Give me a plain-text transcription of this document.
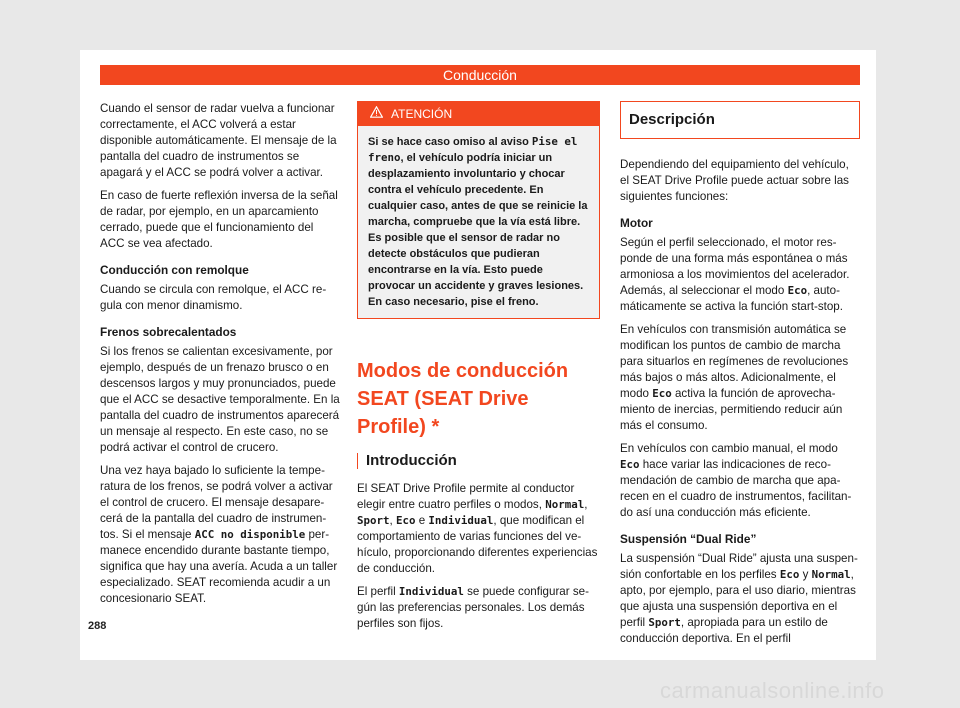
Conducción

Cuando el sensor de radar vuelva a funcionar correctamente, el ACC volverá a estar disponible automáticamente. El mensaje de la pantalla del cuadro de instrumentos se apagará y el ACC se podrá volver a activar.

En caso de fuerte reflexión inversa de la señal de radar, por ejemplo, en un aparcamiento cerrado, puede que el funcionamiento del ACC se vea afectado.

Conducción con remolque

Cuando se circula con remolque, el ACC regula con menor dinamismo.

Frenos sobrecalentados

Si los frenos se calientan excesivamente, por ejemplo, después de un frenazo brusco o en descensos largos y muy pronunciados, puede que el ACC se desactive temporalmente. En la pantalla del cuadro de instrumentos aparecerá un mensaje al respecto. En este caso, no se podrá activar el control de crucero.

Una vez haya bajado lo suficiente la temperatura de los frenos, se podrá volver a activar el control de crucero. El mensaje desaparecerá de la pantalla del cuadro de instrumentos. Si el mensaje ACC no disponible permanece encendido durante bastante tiempo, significa que hay una avería. Acuda a un taller especializado. SEAT recomienda acudir a un concesionario SEAT.

ATENCIÓN
Si se hace caso omiso al aviso Pise el freno, el vehículo podría iniciar un desplazamiento involuntario y chocar contra el vehículo precedente. En cualquier caso, antes de que se reinicie la marcha, compruebe que la vía está libre. Es posible que el sensor de radar no detecte obstáculos que pudieran encontrarse en la vía. Esto puede provocar un accidente y graves lesiones. En caso necesario, pise el freno.
Modos de conducción SEAT (SEAT Drive Profile) *
Introducción

El SEAT Drive Profile permite al conductor elegir entre cuatro perfiles o modos, Normal, Sport, Eco e Individual, que modifican el comportamiento de varias funciones del vehículo, proporcionando diferentes experiencias de conducción.

El perfil Individual se puede configurar según las preferencias personales. Los demás perfiles son fijos.

Descripción

Dependiendo del equipamiento del vehículo, el SEAT Drive Profile puede actuar sobre las siguientes funciones:

Motor

Según el perfil seleccionado, el motor responde de una forma más espontánea o más armoniosa a los movimientos del acelerador. Además, al seleccionar el modo Eco, automáticamente se activa la función start-stop.

En vehículos con transmisión automática se modifican los puntos de cambio de marcha para situarlos en regímenes de revoluciones más bajos o más altos. Adicionalmente, el modo Eco activa la función de aprovechamiento de inercias, permitiendo reducir aún más el consumo.

En vehículos con cambio manual, el modo Eco hace variar las indicaciones de recomendación de cambio de marcha que aparecen en el cuadro de instrumentos, facilitando así una conducción más eficiente.

Suspensión “Dual Ride”

La suspensión “Dual Ride” ajusta una suspensión confortable en los perfiles Eco y Normal, apto, por ejemplo, para el uso diario, mientras que ajusta una suspensión deportiva en el perfil Sport, apropiada para un estilo de conducción deportiva. En el perfil

288
carmanualsonline.info
